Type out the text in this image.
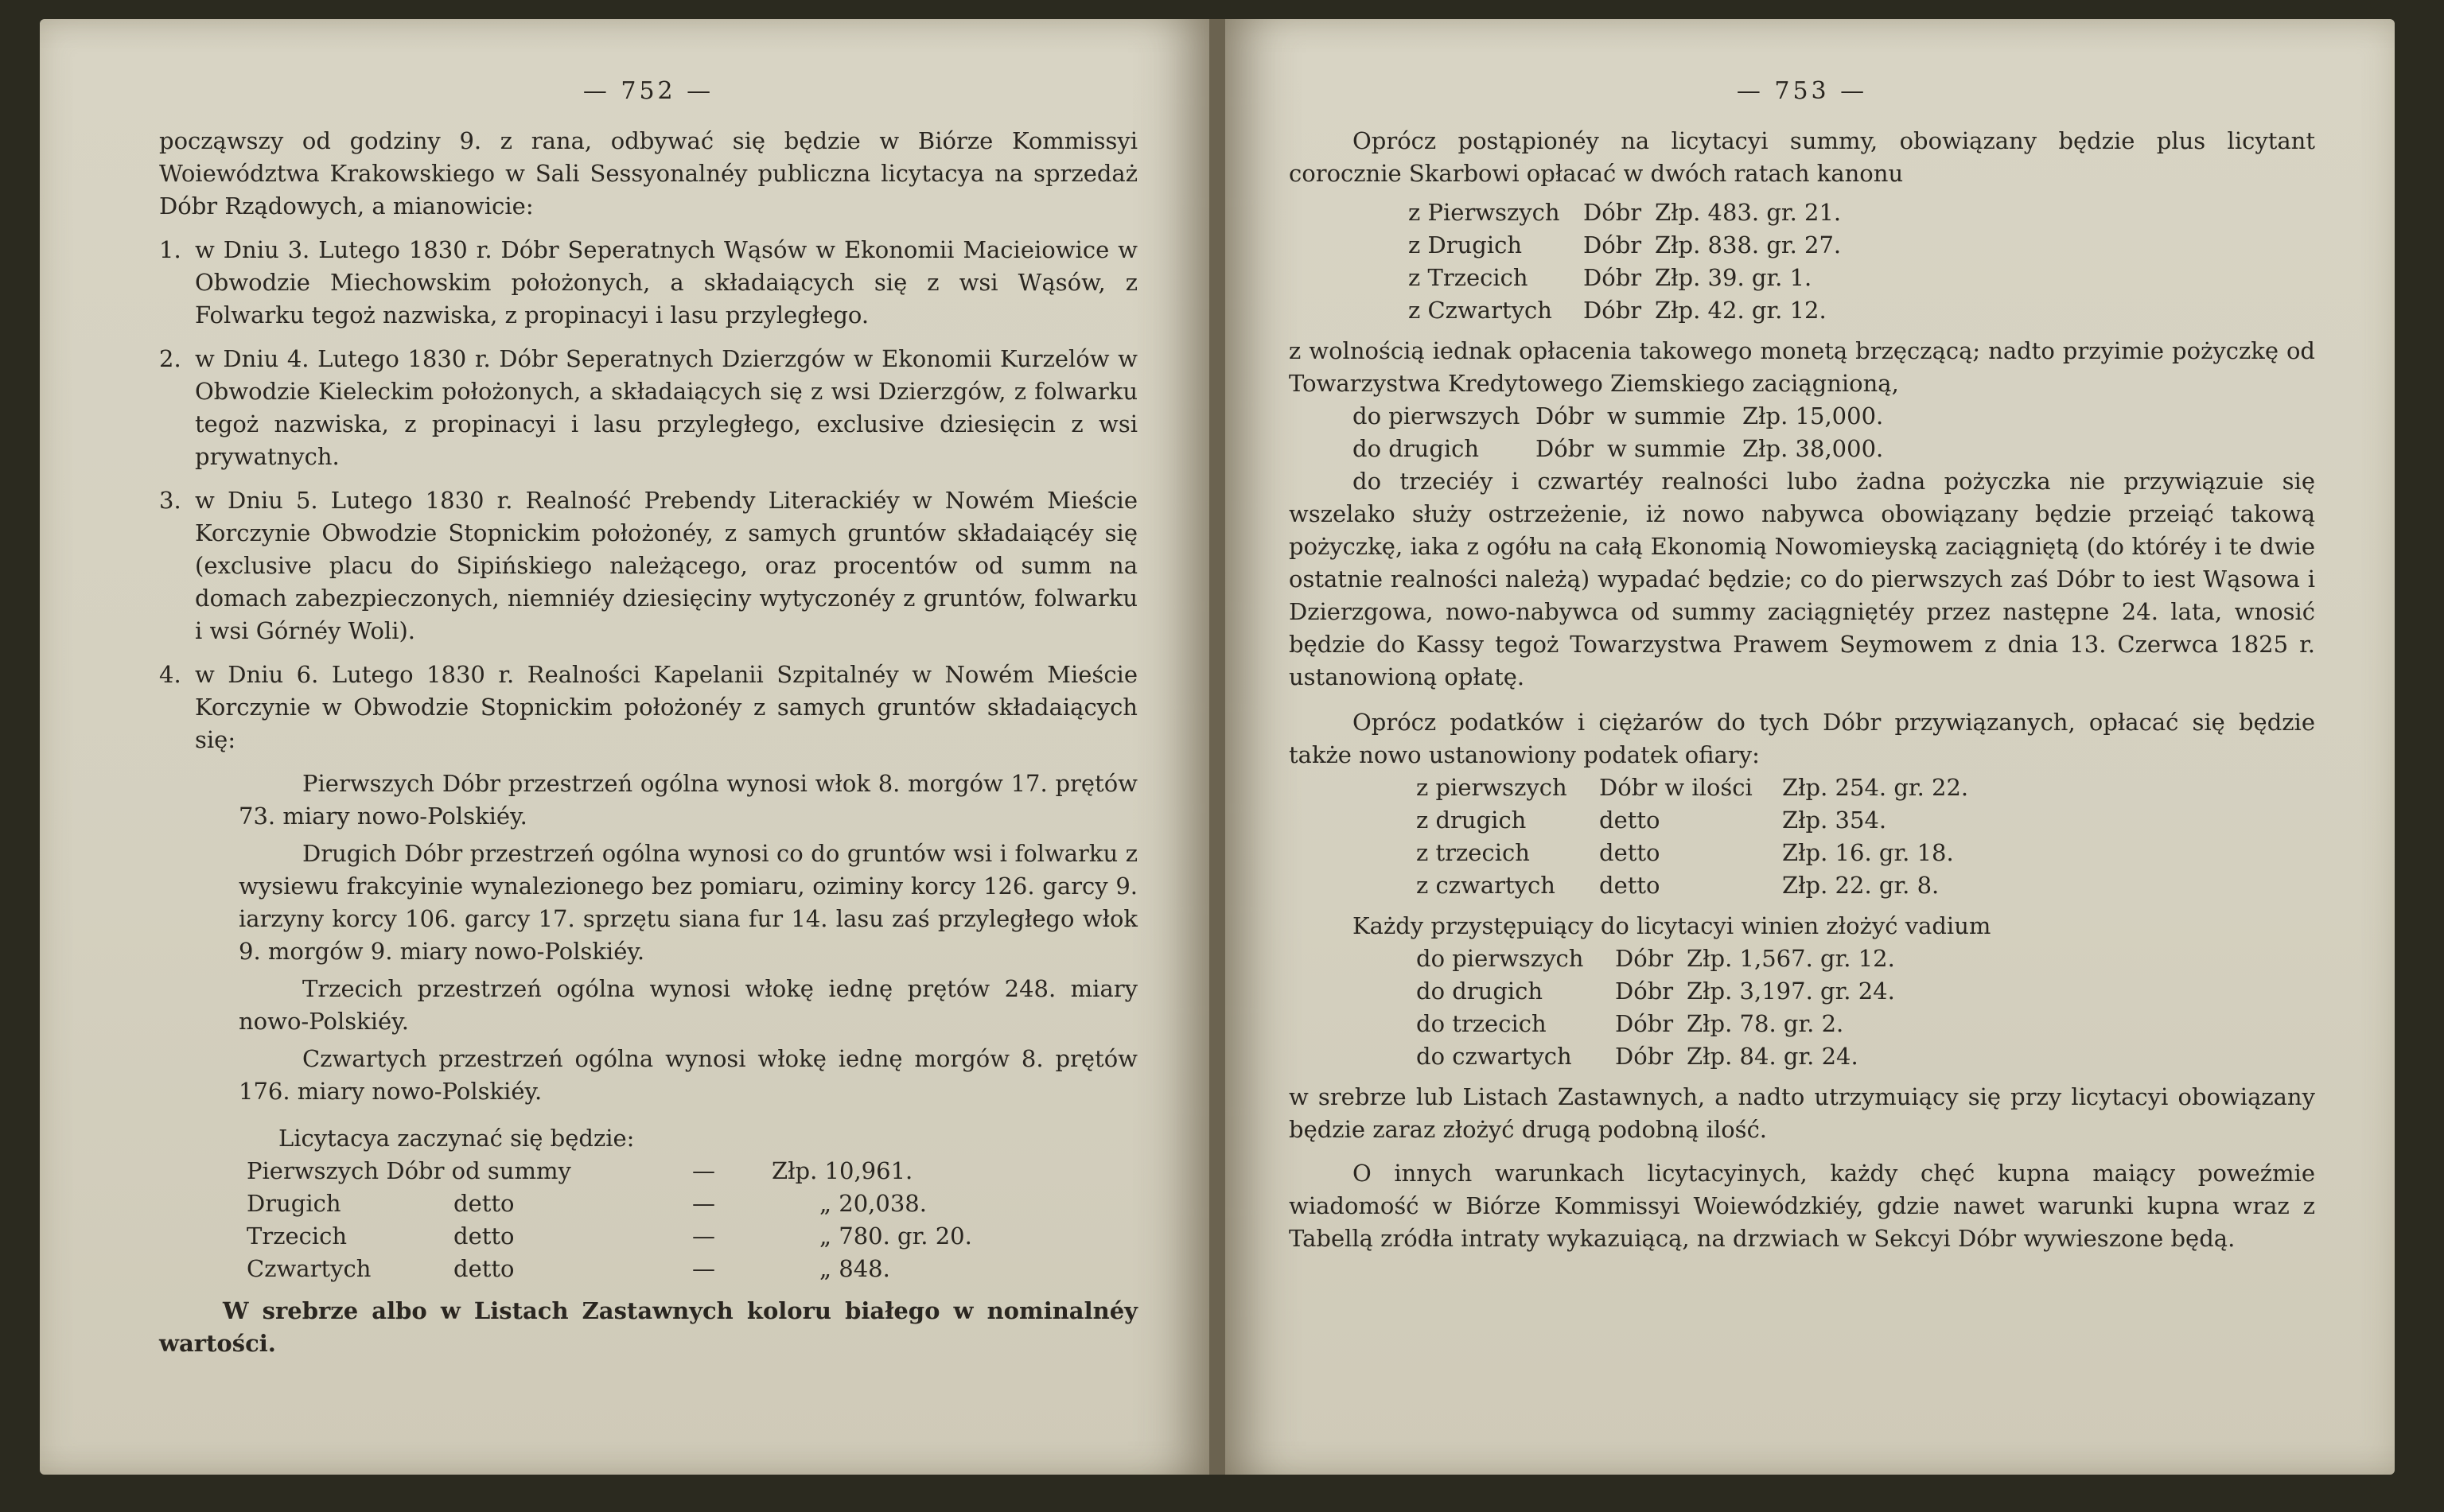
— 752 —

począwszy od godziny 9. z rana, odbywać się będzie w Biórze Kommissyi Woiewództwa Krakowskiego w Sali Sessyonalnéy publiczna licytacya na sprzedaż Dóbr Rządowych, a mianowicie:

1. w Dniu 3. Lutego 1830 r. Dóbr Seperatnych Wąsów w Ekonomii Macieiowice w Obwodzie Miechowskim położonych, a składaiących się z wsi Wąsów, z Folwarku tegoż nazwiska, z propinacyi i lasu przyległego.
2. w Dniu 4. Lutego 1830 r. Dóbr Seperatnych Dzierzgów w Ekonomii Kurzelów w Obwodzie Kieleckim położonych, a składaiących się z wsi Dzierzgów, z folwarku tegoż nazwiska, z propinacyi i lasu przyległego, exclusive dziesięcin z wsi prywatnych.
3. w Dniu 5. Lutego 1830 r. Realność Prebendy Literackiéy w Nowém Mieście Korczynie Obwodzie Stopnickim położonéy, z samych gruntów składaiącéy się (exclusive placu do Sipińskiego należącego, oraz procentów od summ na domach zabezpieczonych, niemniéy dziesięciny wytyczonéy z gruntów, folwarku i wsi Górnéy Woli).
4. w Dniu 6. Lutego 1830 r. Realności Kapelanii Szpitalnéy w Nowém Mieście Korczynie w Obwodzie Stopnickim położonéy z samych gruntów składaiących się:
Pierwszych Dóbr przestrzeń ogólna wynosi włok 8. morgów 17. prętów 73. miary nowo-Polskiéy.
Drugich Dóbr przestrzeń ogólna wynosi co do gruntów wsi i folwarku z wysiewu frakcyinie wynalezionego bez pomiaru, oziminy korcy 126. garcy 9. iarzyny korcy 106. garcy 17. sprzętu siana fur 14. lasu zaś przyległego włok 9. morgów 9. miary nowo-Polskiéy.
Trzecich przestrzeń ogólna wynosi włokę iednę prętów 248. miary nowo-Polskiéy.
Czwartych przestrzeń ogólna wynosi włokę iednę morgów 8. prętów 176. miary nowo-Polskiéy.
Licytacya zaczynać się będzie:
Pierwszych Dóbr od summy	—	Złp. 10,961.
Drugich	detto	—	„ 20,038.
Trzecich	detto	—	„ 780. gr. 20.
Czwartych	detto	—	„ 848.

W srebrze albo w Listach Zastawnych koloru białego w nominalnéy wartości.

— 753 —

Oprócz postąpionéy na licytacyi summy, obowiązany będzie plus licytant corocznie Skarbowi opłacać w dwóch ratach kanonu

z Pierwszych	Dóbr Złp. 483. gr. 21.
z Drugich	Dóbr Złp. 838. gr. 27.
z Trzecich	Dóbr Złp. 39. gr. 1.
z Czwartych	Dóbr Złp. 42. gr. 12.

z wolnością iednak opłacenia takowego monetą brzęczącą; nadto przyimie pożyczkę od Towarzystwa Kredytowego Ziemskiego zaciągnioną,

do pierwszych Dóbr w summie Złp. 15,000.
do drugich	Dóbr w summie Złp. 38,000.

do trzeciéy i czwartéy realności lubo żadna pożyczka nie przywiązuie się wszelako służy ostrzeżenie, iż nowo nabywca obowiązany będzie przeiąć takową pożyczkę, iaka z ogółu na całą Ekonomią Nowomieyską zaciągniętą (do któréy i te dwie ostatnie realności należą) wypadać będzie; co do pierwszych zaś Dóbr to iest Wąsowa i Dzierzgowa, nowo-nabywca od summy zaciągniętéy przez następne 24. lata, wnosić będzie do Kassy tegoż Towarzystwa Prawem Seymowem z dnia 13. Czerwca 1825 r. ustanowioną opłatę.

Oprócz podatków i ciężarów do tych Dóbr przywiązanych, opłacać się będzie także nowo ustanowiony podatek ofiary:

z pierwszych	Dóbr w ilości	Złp. 254. gr. 22.
z drugich	detto	Złp. 354.
z trzecich	detto	Złp. 16. gr. 18.
z czwartych	detto	Złp. 22. gr. 8.

Każdy przystępuiący do licytacyi winien złożyć vadium

do pierwszych	Dóbr Złp. 1,567. gr. 12.
do drugich	Dóbr Złp. 3,197. gr. 24.
do trzecich	Dóbr Złp. 78. gr. 2.
do czwartych	Dóbr Złp. 84. gr. 24.

w srebrze lub Listach Zastawnych, a nadto utrzymuiący się przy licytacyi obowiązany będzie zaraz złożyć drugą podobną ilość.

O innych warunkach licytacyinych, każdy chęć kupna maiący poweźmie wiadomość w Biórze Kommissyi Woiewódzkiéy, gdzie nawet warunki kupna wraz z Tabellą zródła intraty wykazuiącą, na drzwiach w Sekcyi Dóbr wywieszone będą.
